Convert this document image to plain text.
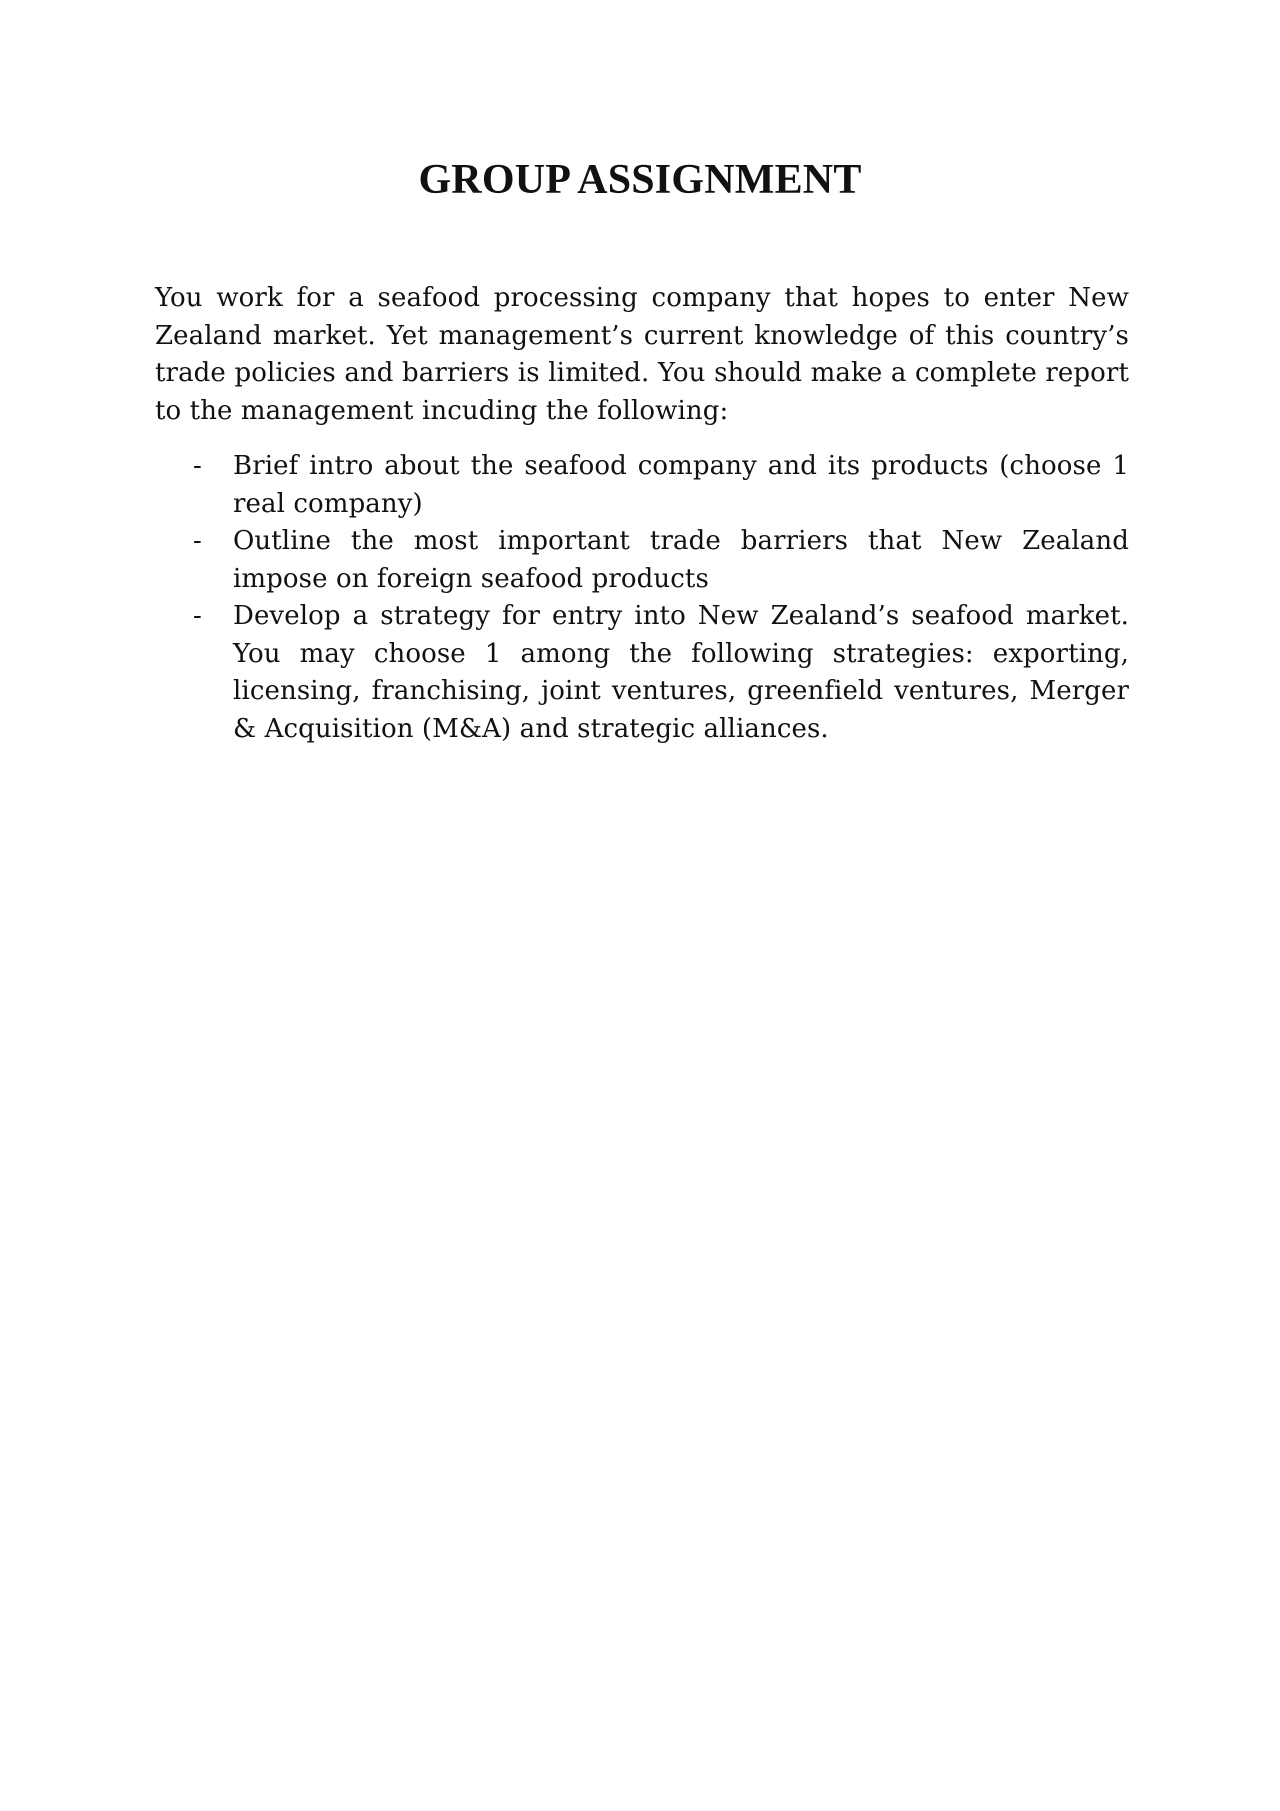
GROUP ASSIGNMENT

You work for a seafood processing company that hopes to enter New Zealand market. Yet management’s current knowledge of this country’s trade policies and barriers is limited. You should make a complete report to the management incuding the following:

- Brief intro about the seafood company and its products (choose 1 real company)
- Outline the most important trade barriers that New Zealand impose on foreign seafood products
- Develop a strategy for entry into New Zealand’s seafood market. You may choose 1 among the following strategies: exporting, licensing, franchising, joint ventures, greenfield ventures, Merger & Acquisition (M&A) and strategic alliances.
